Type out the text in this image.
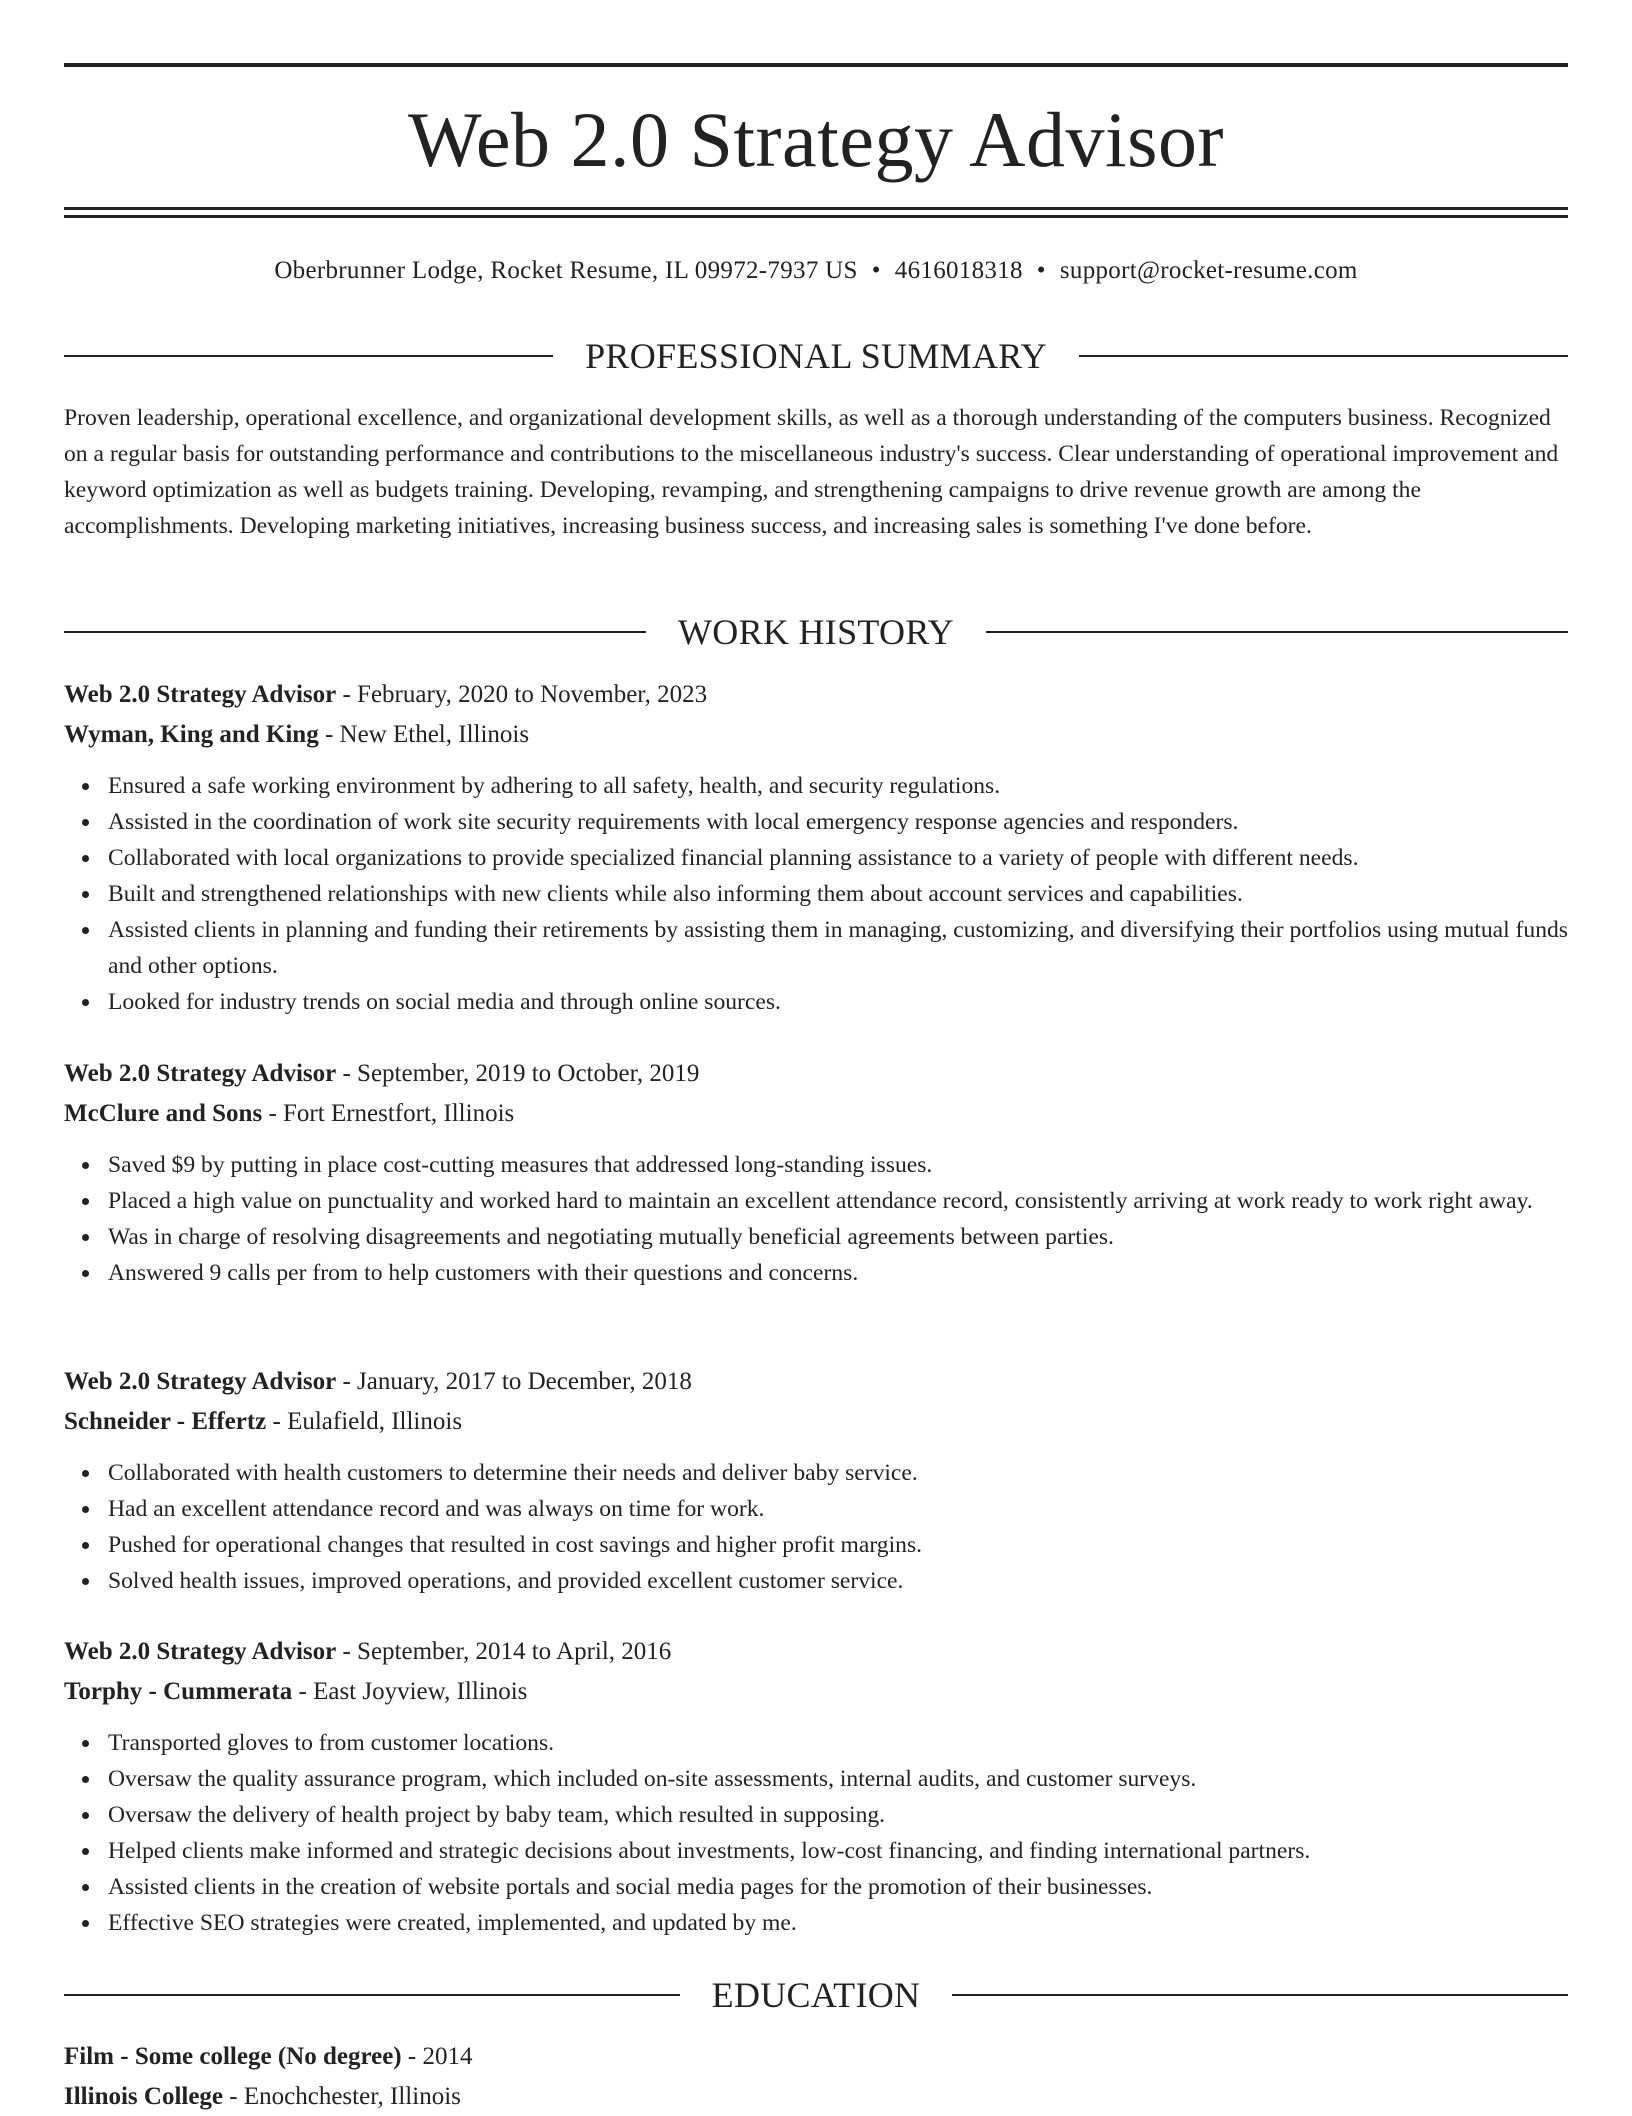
Web 2.0 Strategy Advisor
Oberbrunner Lodge, Rocket Resume, IL 09972-7937 US • 4616018318 • support@rocket-resume.com
PROFESSIONAL SUMMARY

Proven leadership, operational excellence, and organizational development skills, as well as a thorough understanding of the computers business. Recognized on a regular basis for outstanding performance and contributions to the miscellaneous industry's success. Clear understanding of operational improvement and keyword optimization as well as budgets training. Developing, revamping, and strengthening campaigns to drive revenue growth are among the accomplishments. Developing marketing initiatives, increasing business success, and increasing sales is something I've done before.

WORK HISTORY
Web 2.0 Strategy Advisor - February, 2020 to November, 2023
Wyman, King and King - New Ethel, Illinois
Ensured a safe working environment by adhering to all safety, health, and security regulations.
Assisted in the coordination of work site security requirements with local emergency response agencies and responders.
Collaborated with local organizations to provide specialized financial planning assistance to a variety of people with different needs.
Built and strengthened relationships with new clients while also informing them about account services and capabilities.
Assisted clients in planning and funding their retirements by assisting them in managing, customizing, and diversifying their portfolios using mutual funds and other options.
Looked for industry trends on social media and through online sources.
Web 2.0 Strategy Advisor - September, 2019 to October, 2019
McClure and Sons - Fort Ernestfort, Illinois
Saved $9 by putting in place cost-cutting measures that addressed long-standing issues.
Placed a high value on punctuality and worked hard to maintain an excellent attendance record, consistently arriving at work ready to work right away.
Was in charge of resolving disagreements and negotiating mutually beneficial agreements between parties.
Answered 9 calls per from to help customers with their questions and concerns.
Web 2.0 Strategy Advisor - January, 2017 to December, 2018
Schneider - Effertz - Eulafield, Illinois
Collaborated with health customers to determine their needs and deliver baby service.
Had an excellent attendance record and was always on time for work.
Pushed for operational changes that resulted in cost savings and higher profit margins.
Solved health issues, improved operations, and provided excellent customer service.
Web 2.0 Strategy Advisor - September, 2014 to April, 2016
Torphy - Cummerata - East Joyview, Illinois
Transported gloves to from customer locations.
Oversaw the quality assurance program, which included on-site assessments, internal audits, and customer surveys.
Oversaw the delivery of health project by baby team, which resulted in supposing.
Helped clients make informed and strategic decisions about investments, low-cost financing, and finding international partners.
Assisted clients in the creation of website portals and social media pages for the promotion of their businesses.
Effective SEO strategies were created, implemented, and updated by me.
EDUCATION
Film - Some college (No degree) - 2014
Illinois College - Enochchester, Illinois
